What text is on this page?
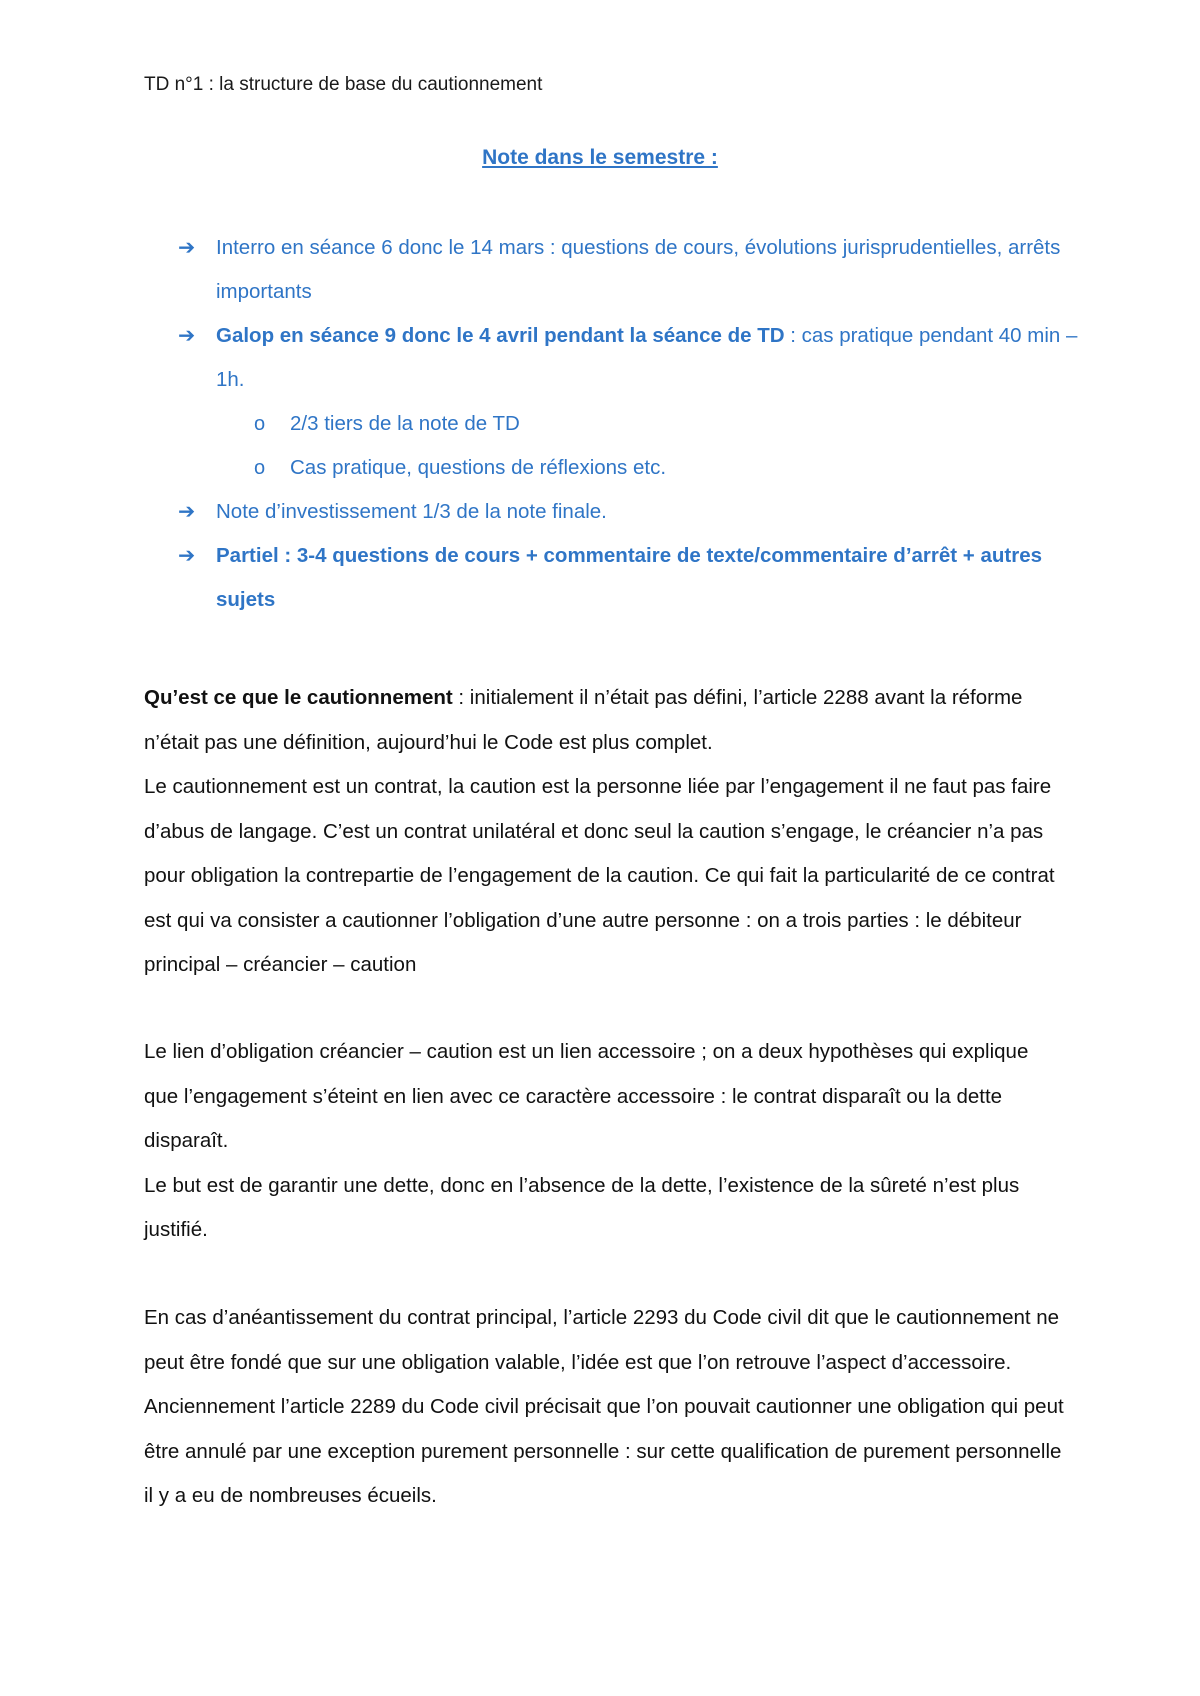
TD n°1 : la structure de base du cautionnement
Note dans le semestre :
➔	Interro en séance 6 donc le 14 mars : questions de cours, évolutions jurisprudentielles, arrêts importants
➔	Galop en séance 9 donc le 4 avril pendant la séance de TD : cas pratique pendant 40 min – 1h.
o 2/3 tiers de la note de TD
o Cas pratique, questions de réflexions etc.
➔	Note d’investissement 1/3 de la note finale.
➔	Partiel : 3-4 questions de cours + commentaire de texte/commentaire d’arrêt + autres sujets

Qu’est ce que le cautionnement : initialement il n’était pas défini, l’article 2288 avant la réforme n’était pas une définition, aujourd’hui le Code est plus complet.

Le cautionnement est un contrat, la caution est la personne liée par l’engagement il ne faut pas faire d’abus de langage. C’est un contrat unilatéral et donc seul la caution s’engage, le créancier n’a pas pour obligation la contrepartie de l’engagement de la caution. Ce qui fait la particularité de ce contrat est qui va consister a cautionner l’obligation d’une autre personne : on a trois parties : le débiteur principal – créancier – caution

Le lien d’obligation créancier – caution est un lien accessoire ; on a deux hypothèses qui explique que l’engagement s’éteint en lien avec ce caractère accessoire : le contrat disparaît ou la dette disparaît.

Le but est de garantir une dette, donc en l’absence de la dette, l’existence de la sûreté n’est plus justifié.

En cas d’anéantissement du contrat principal, l’article 2293 du Code civil dit que le cautionnement ne peut être fondé que sur une obligation valable, l’idée est que l’on retrouve l’aspect d’accessoire. Anciennement l’article 2289 du Code civil précisait que l’on pouvait cautionner une obligation qui peut être annulé par une exception purement personnelle : sur cette qualification de purement personnelle il y a eu de nombreuses écueils.
